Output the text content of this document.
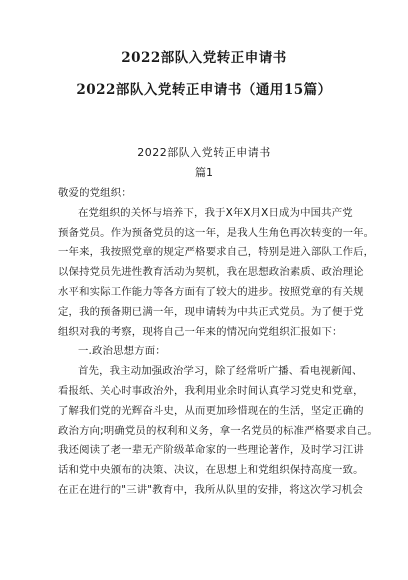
2022部队入党转正申请书
2022部队入党转正申请书（通用15篇）
2022部队入党转正申请书
篇1
敬爱的党组织：
在党组织的关怀与培养下，我于X年X月X日成为中国共产党
预备党员。作为预备党员的这一年，是我人生角色再次转变的一年。
一年来，我按照党章的规定严格要求自己，特别是进入部队工作后，
以保持党员先进性教育活动为契机，我在思想政治素质、政治理论
水平和实际工作能力等各方面有了较大的进步。按照党章的有关规
定，我的预备期已满一年，现申请转为中共正式党员。为了便于党
组织对我的考察，现将自己一年来的情况向党组织汇报如下：
一.政治思想方面：
首先，我主动加强政治学习，除了经常听广播、看电视新闻、
看报纸、关心时事政治外，我利用业余时间认真学习党史和党章，
了解我们党的光辉奋斗史，从而更加珍惜现在的生活，坚定正确的
政治方向;明确党员的权利和义务，拿一名党员的标准严格要求自己。
我还阅读了老一辈无产阶级革命家的一些理论著作，及时学习江讲
话和党中央颁布的决策、决议，在思想上和党组织保持高度一致。
在正在进行的"三讲"教育中，我所从队里的安排，将这次学习机会
